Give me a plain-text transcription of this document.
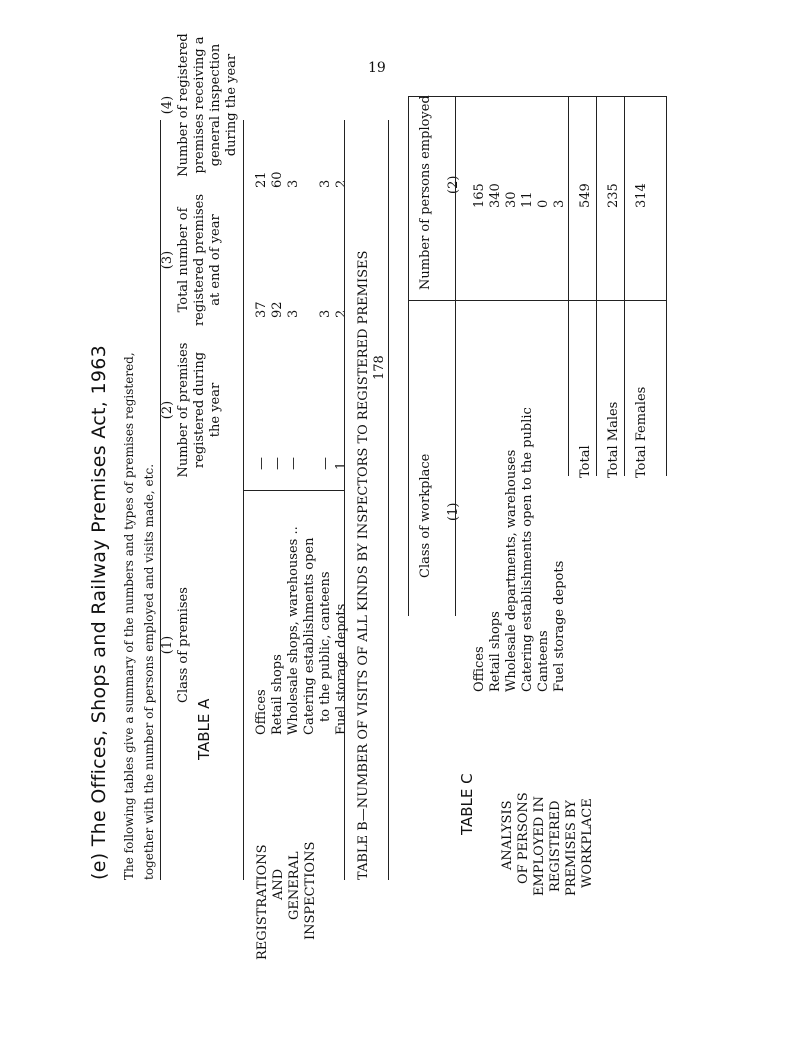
19
(e) The Offices, Shops and Railway Premises Act, 1963 The following tables give a summary of the numbers and types of premises registered, together with the number of persons employed and visits made, etc.	TABLE A
(1) Class of premises
(2) Number of premises registered during the year
(3) Total number of registered premises at end of year
(4) Number of registered premises receiving a general inspection during the year
REGISTRATIONS AND GENERAL INSPECTIONS
Offices Retail shops Wholesale shops, warehouses .. Catering establishments open to the public, canteens Fuel storage depots
— — — — 1
37 92 3 3 2
21 60 3 3 2
TABLE B—NUMBER OF VISITS OF ALL KINDS BY INSPECTORS TO REGISTERED PREMISES 178
TABLE C ANALYSIS OF PERSONS EMPLOYED IN REGISTERED PREMISES BY WORKPLACE
Class of workplace (1)
Number of persons employed (2)
Offices Retail shops Wholesale departments, warehouses Catering establishments open to the public Canteens Fuel storage depots
165 340 30 11 0 3
Total
549
Total Males
235
Total Females
314
